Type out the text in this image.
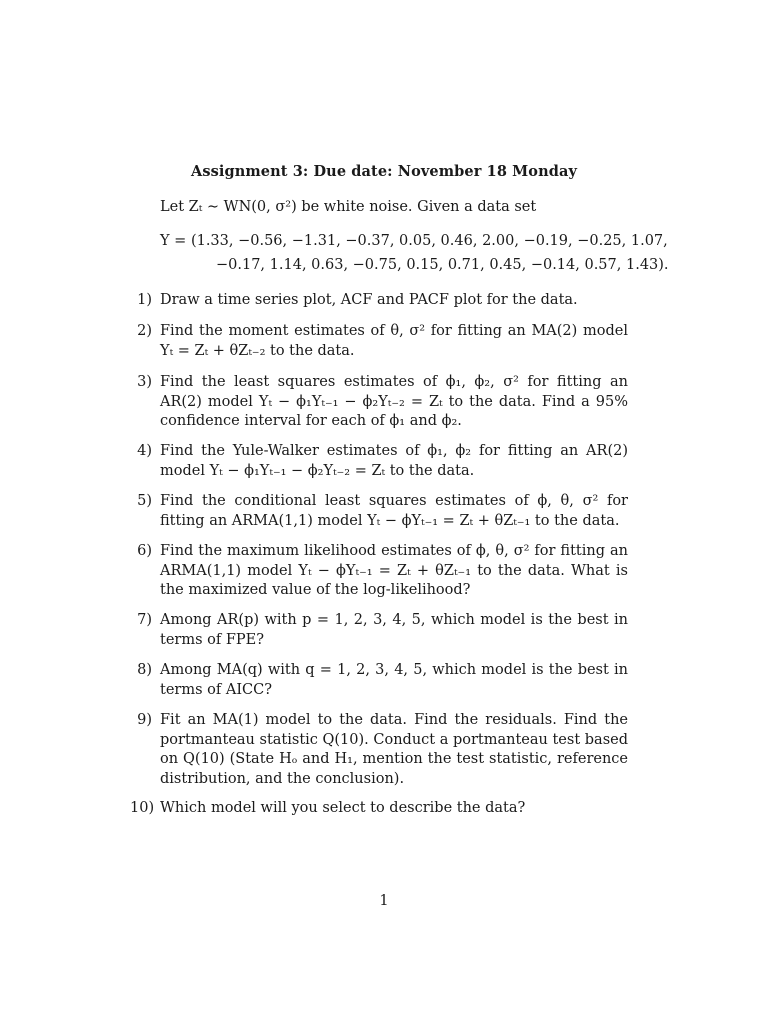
Assignment 3: Due date: November 18 Monday
Let Zₜ ∼ WN(0, σ²) be white noise. Given a data set
Y = (1.33, −0.56, −1.31, −0.37, 0.05, 0.46, 2.00, −0.19, −0.25, 1.07,
−0.17, 1.14, 0.63, −0.75, 0.15, 0.71, 0.45, −0.14, 0.57, 1.43).
1) Draw a time series plot, ACF and PACF plot for the data.
2) Find the moment estimates of θ, σ² for fitting an MA(2) model Yₜ = Zₜ + θZₜ₋₂ to the data.
3) Find the least squares estimates of ϕ₁, ϕ₂, σ² for fitting an AR(2) model Yₜ − ϕ₁Yₜ₋₁ − ϕ₂Yₜ₋₂ = Zₜ to the data. Find a 95% confidence interval for each of ϕ₁ and ϕ₂.
4) Find the Yule-Walker estimates of ϕ₁, ϕ₂ for fitting an AR(2) model Yₜ − ϕ₁Yₜ₋₁ − ϕ₂Yₜ₋₂ = Zₜ to the data.
5) Find the conditional least squares estimates of ϕ, θ, σ² for fitting an ARMA(1,1) model Yₜ − ϕYₜ₋₁ = Zₜ + θZₜ₋₁ to the data.
6) Find the maximum likelihood estimates of ϕ, θ, σ² for fitting an ARMA(1,1) model Yₜ − ϕYₜ₋₁ = Zₜ + θZₜ₋₁ to the data. What is the maximized value of the log-likelihood?
7) Among AR(p) with p = 1, 2, 3, 4, 5, which model is the best in terms of FPE?
8) Among MA(q) with q = 1, 2, 3, 4, 5, which model is the best in terms of AICC?
9) Fit an MA(1) model to the data. Find the residuals. Find the portmanteau statistic Q(10). Conduct a portmanteau test based on Q(10) (State Hₒ and H₁, mention the test statistic, reference distribution, and the conclusion).
10) Which model will you select to describe the data?
1
